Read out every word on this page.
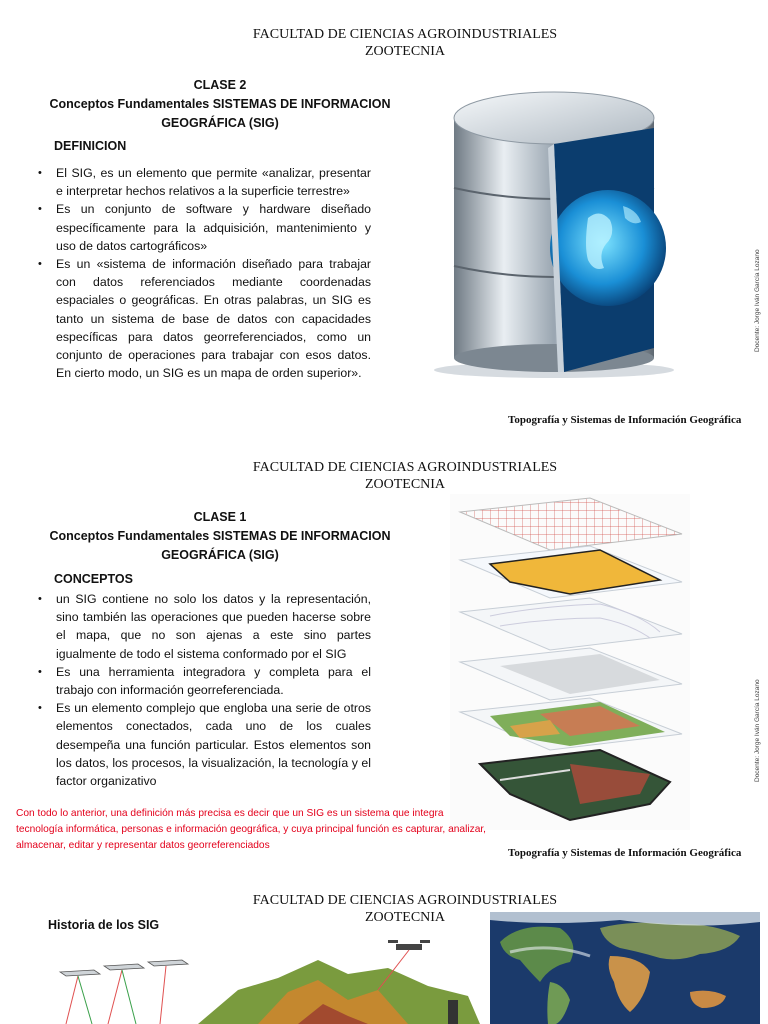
FACULTAD DE CIENCIAS AGROINDUSTRIALES
ZOOTECNIA
CLASE 2
Conceptos Fundamentales SISTEMAS DE INFORMACION
GEOGRÁFICA (SIG)
DEFINICION
• El SIG, es un elemento que permite «analizar, presentar e interpretar hechos relativos a la superficie terrestre»
• Es un conjunto de software y hardware diseñado específicamente para la adquisición, mantenimiento y uso de datos cartográficos»
• Es un «sistema de información diseñado para trabajar con datos referenciados mediante coordenadas espaciales o geográficas. En otras palabras, un SIG es tanto un sistema de base de datos con capacidades específicas para datos georreferenciados, como un conjunto de operaciones para trabajar con esos datos. En cierto modo, un SIG es un mapa de orden superior».
Docente: Jorge Iván García Lozano
Topografía y Sistemas de Información Geográfica
FACULTAD DE CIENCIAS AGROINDUSTRIALES
ZOOTECNIA
CLASE 1
Conceptos Fundamentales SISTEMAS DE INFORMACION
GEOGRÁFICA (SIG)
CONCEPTOS
• un SIG contiene no solo los datos y la representación, sino también las operaciones que pueden hacerse sobre el mapa, que no son ajenas a este sino partes igualmente de todo el sistema conformado por el SIG
• Es una herramienta integradora y completa para el trabajo con información georreferenciada.
• Es un elemento complejo que engloba una serie de otros elementos conectados, cada uno de los cuales desempeña una función particular. Estos elementos son los datos, los procesos, la visualización, la tecnología y el factor organizativo	Docente: Jorge Iván García Lozano
Con todo lo anterior, una definición más precisa es decir que un SIG es un sistema que integra tecnología informática, personas e información geográfica, y cuya principal función es capturar, analizar, almacenar, editar y representar datos georreferenciados
Topografía y Sistemas de Información Geográfica
FACULTAD DE CIENCIAS AGROINDUSTRIALES
ZOOTECNIA
Historia de los SIG
